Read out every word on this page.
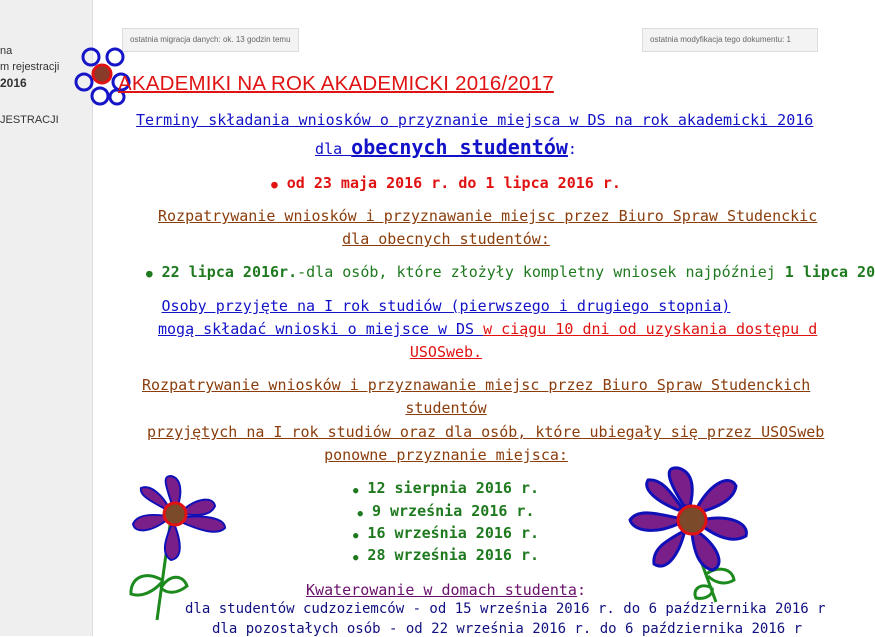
na
m rejestracji
2016
JESTRACJI
ostatnia migracja danych: ok. 13 godzin temu	ostatnia modyfikacja tego dokumentu: 1
AKADEMIKI NA ROK AKADEMICKI 2016/2017
Terminy składania wniosków o przyznanie miejsca w DS na rok akademicki 2016
dla obecnych studentów:
● od 23 maja 2016 r. do 1 lipca 2016 r.
Rozpatrywanie wniosków i przyznawanie miejsc przez Biuro Spraw Studenckic
dla obecnych studentów:
● 22 lipca 2016r.-dla osób, które złożyły kompletny wniosek najpóźniej 1 lipca 20
Osoby przyjęte na I rok studiów (pierwszego i drugiego stopnia)
mogą składać wnioski o miejsce w DS w ciągu 10 dni od uzyskania dostępu d
USOSweb.
Rozpatrywanie wniosków i przyznawanie miejsc przez Biuro Spraw Studenckich
studentów
przyjętych na I rok studiów oraz dla osób, które ubiegały się przez USOSweb
ponowne przyznanie miejsca:
● 12 sierpnia 2016 r.
● 9 września 2016 r.
● 16 września 2016 r.
● 28 września 2016 r.
Kwaterowanie w domach studenta:
dla studentów cudzoziemców - od 15 września 2016 r. do 6 października 2016 r
dla pozostałych osób - od 22 września 2016 r. do 6 października 2016 r
